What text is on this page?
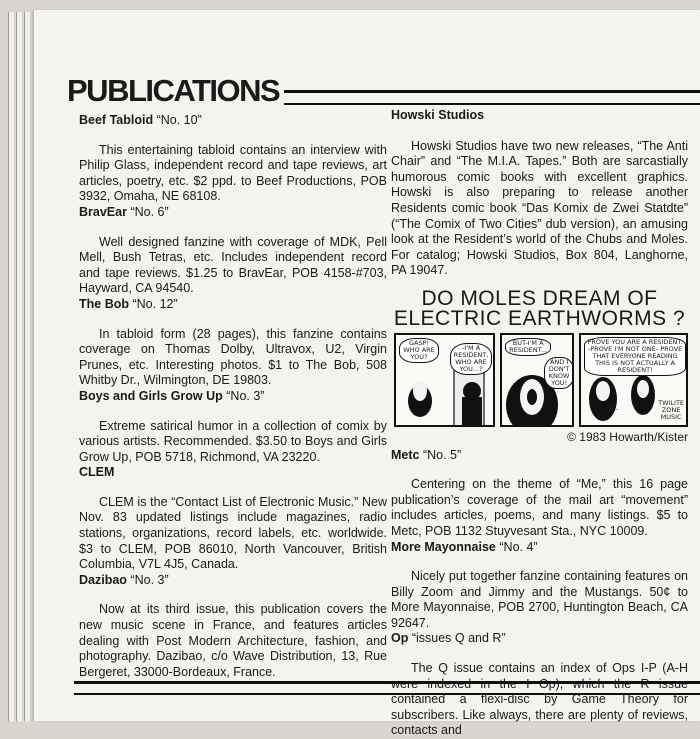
PUBLICATIONS

Beef Tabloid “No. 10”

This entertaining tabloid contains an interview with Philip Glass, independent record and tape reviews, art articles, poetry, etc. $2 ppd. to Beef Productions, POB 3932, Omaha, NE 68108.

BravEar “No. 6”

Well designed fanzine with coverage of MDK, Pell Mell, Bush Tetras, etc. Includes independent record and tape reviews. $1.25 to BravEar, POB 4158-#703, Hayward, CA 94540.

The Bob “No. 12”

In tabloid form (28 pages), this fanzine contains coverage on Thomas Dolby, Ultravox, U2, Virgin Prunes, etc. Interesting photos. $1 to The Bob, 508 Whitby Dr., Wilmington, DE 19803.

Boys and Girls Grow Up “No. 3”

Extreme satirical humor in a collection of comix by various artists. Recommended. $3.50 to Boys and Girls Grow Up, POB 5718, Richmond, VA 23220.

CLEM

CLEM is the “Contact List of Electronic Music.” New Nov. 83 updated listings include magazines, radio stations, organizations, record labels, etc. worldwide. $3 to CLEM, POB 86010, North Vancouver, British Columbia, V7L 4J5, Canada.

Dazibao “No. 3”

Now at its third issue, this publication covers the new music scene in France, and features articles dealing with Post Modern Architecture, fashion, and photography. Dazibao, c/o Wave Distribution, 13, Rue Bergeret, 33000-Bordeaux, France.

Howski Studios

Howski Studios have two new releases, “The Anti Chair” and “The M.I.A. Tapes.” Both are sarcastially humorous comic books with excellent graphics. Howski is also preparing to release another Residents comic book “Das Komix de Zwei Statdte” (“The Comix of Two Cities” dub version), an amusing look at the Resident’s world of the Chubs and Moles. For catalog; Howski Studios, Box 804, Langhorne, PA 19047.

DO MOLES DREAM OF
ELECTRIC EARTHWORMS ?
GASP! WHO ARE YOU?
-I'M A RESIDENT, WHO ARE YOU...?
BUT-I'M A RESIDENT...
AND I DON'T KNOW YOU!
PROVE YOU ARE A RESIDENT. -PROVE I'M NOT ONE- PROVE THAT EVERYONE READING THIS IS NOT ACTUALLY A RESIDENT!
UH-
TWILITE ZONE MUSIC

© 1983 Howarth/Kister

Metc “No. 5”

Centering on the theme of “Me,” this 16 page publication’s coverage of the mail art “movement” includes articles, poems, and many listings. $5 to Metc, POB 1132 Stuyvesant Sta., NYC 10009.

More Mayonnaise “No. 4”

Nicely put together fanzine containing features on Billy Zoom and Jimmy and the Mustangs. 50¢ to More Mayonnaise, POB 2700, Huntington Beach, CA 92647.

Op “issues Q and R”

The Q issue contains an index of Ops I-P (A-H were indexed in the I Op), which the R issue contained a flexi-disc by Game Theory for subscribers. Like always, there are plenty of reviews, contacts and
